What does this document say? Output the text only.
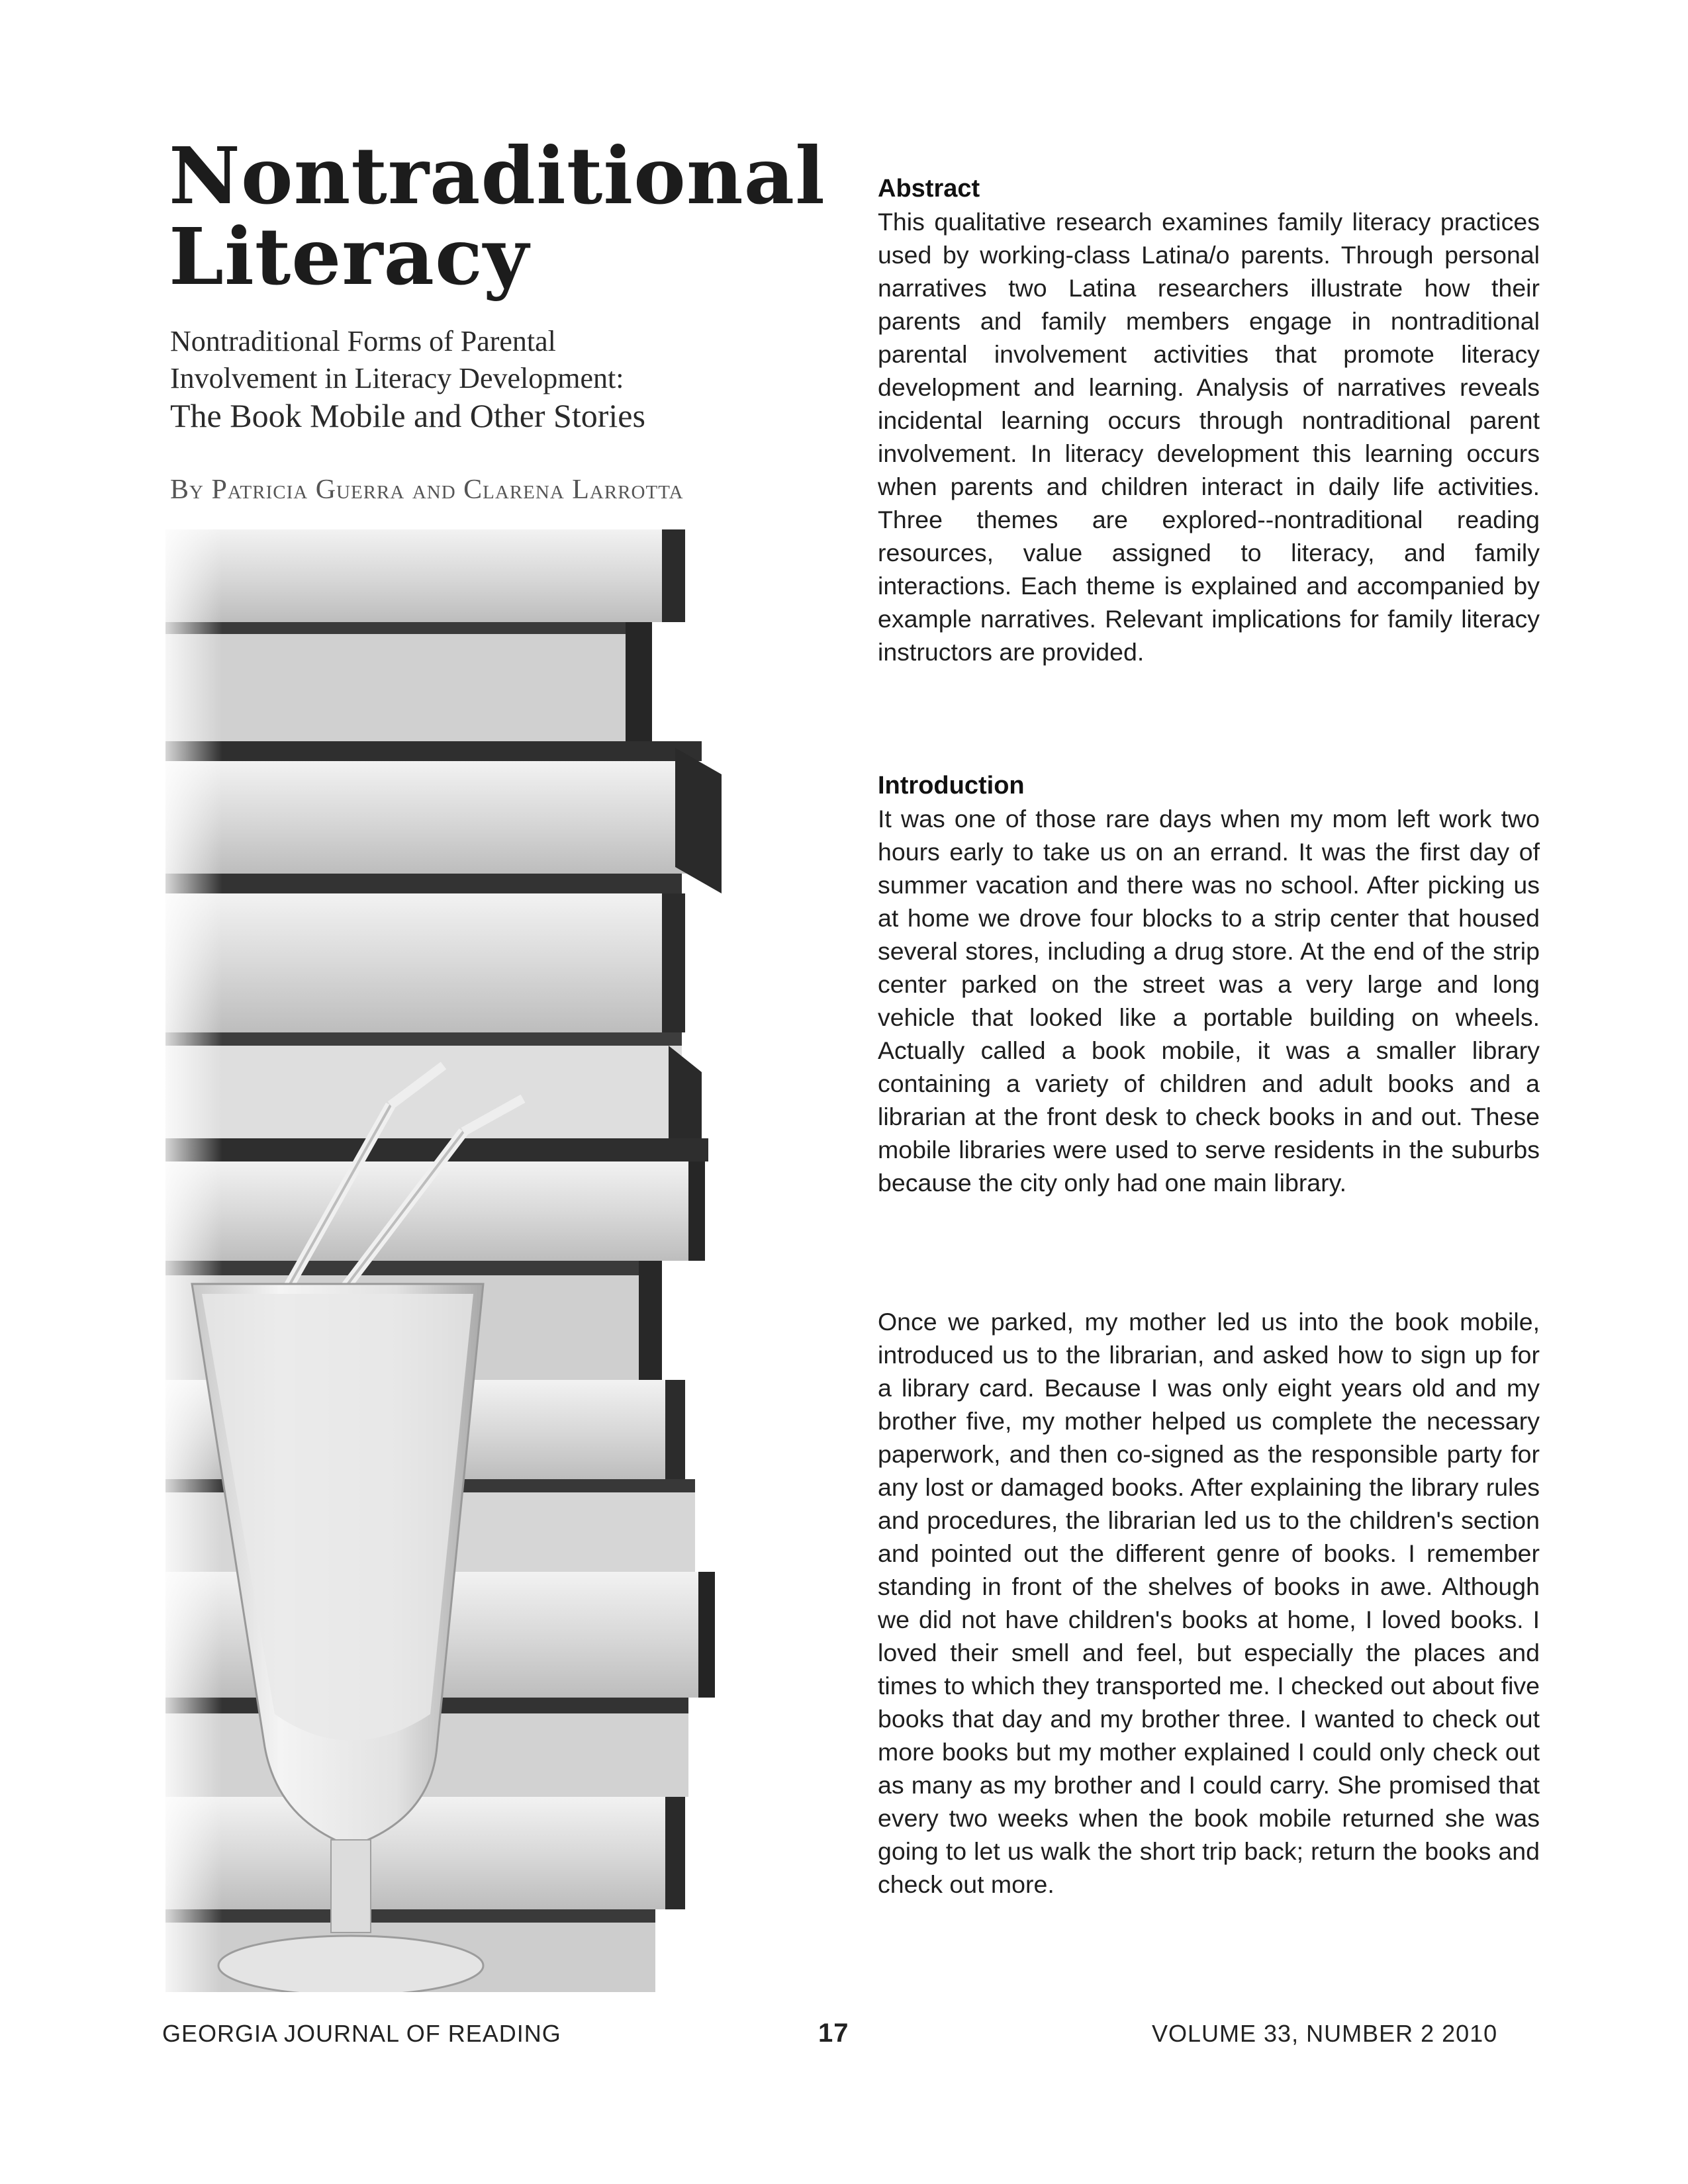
Nontraditional
Literacy
Nontraditional Forms of Parental
Involvement in Literacy Development:
The Book Mobile and Other Stories
By Patricia Guerra and Clarena Larrotta
Abstract

This qualitative research examines family literacy practices used by working-class Latina/o parents. Through personal narratives two Latina researchers illustrate how their parents and family members engage in nontraditional parental involvement activities that promote literacy development and learning. Analysis of narratives reveals incidental learning occurs through nontraditional parent involvement. In literacy development this learning occurs when parents and children interact in daily life activities. Three themes are explored--nontraditional reading resources, value assigned to literacy, and family interactions. Each theme is explained and accompanied by example narratives. Relevant implications for family literacy instructors are provided.

Introduction

It was one of those rare days when my mom left work two hours early to take us on an errand. It was the first day of summer vacation and there was no school. After picking us at home we drove four blocks to a strip center that housed several stores, including a drug store. At the end of the strip center parked on the street was a very large and long vehicle that looked like a portable building on wheels. Actually called a book mobile, it was a smaller library containing a variety of children and adult books and a librarian at the front desk to check books in and out. These mobile libraries were used to serve residents in the suburbs because the city only had one main library.

Once we parked, my mother led us into the book mobile, introduced us to the librarian, and asked how to sign up for a library card. Because I was only eight years old and my brother five, my mother helped us complete the necessary paperwork, and then co-signed as the responsible party for any lost or damaged books. After explaining the library rules and procedures, the librarian led us to the children's section and pointed out the different genre of books. I remember standing in front of the shelves of books in awe. Although we did not have children's books at home, I loved books. I loved their smell and feel, but especially the places and times to which they transported me. I checked out about five books that day and my brother three. I wanted to check out more books but my mother explained I could only check out as many as my brother and I could carry. She promised that every two weeks when the book mobile returned she was going to let us walk the short trip back; return the books and check out more.

GEORGIA JOURNAL OF READING	17	VOLUME 33, NUMBER 2 2010
